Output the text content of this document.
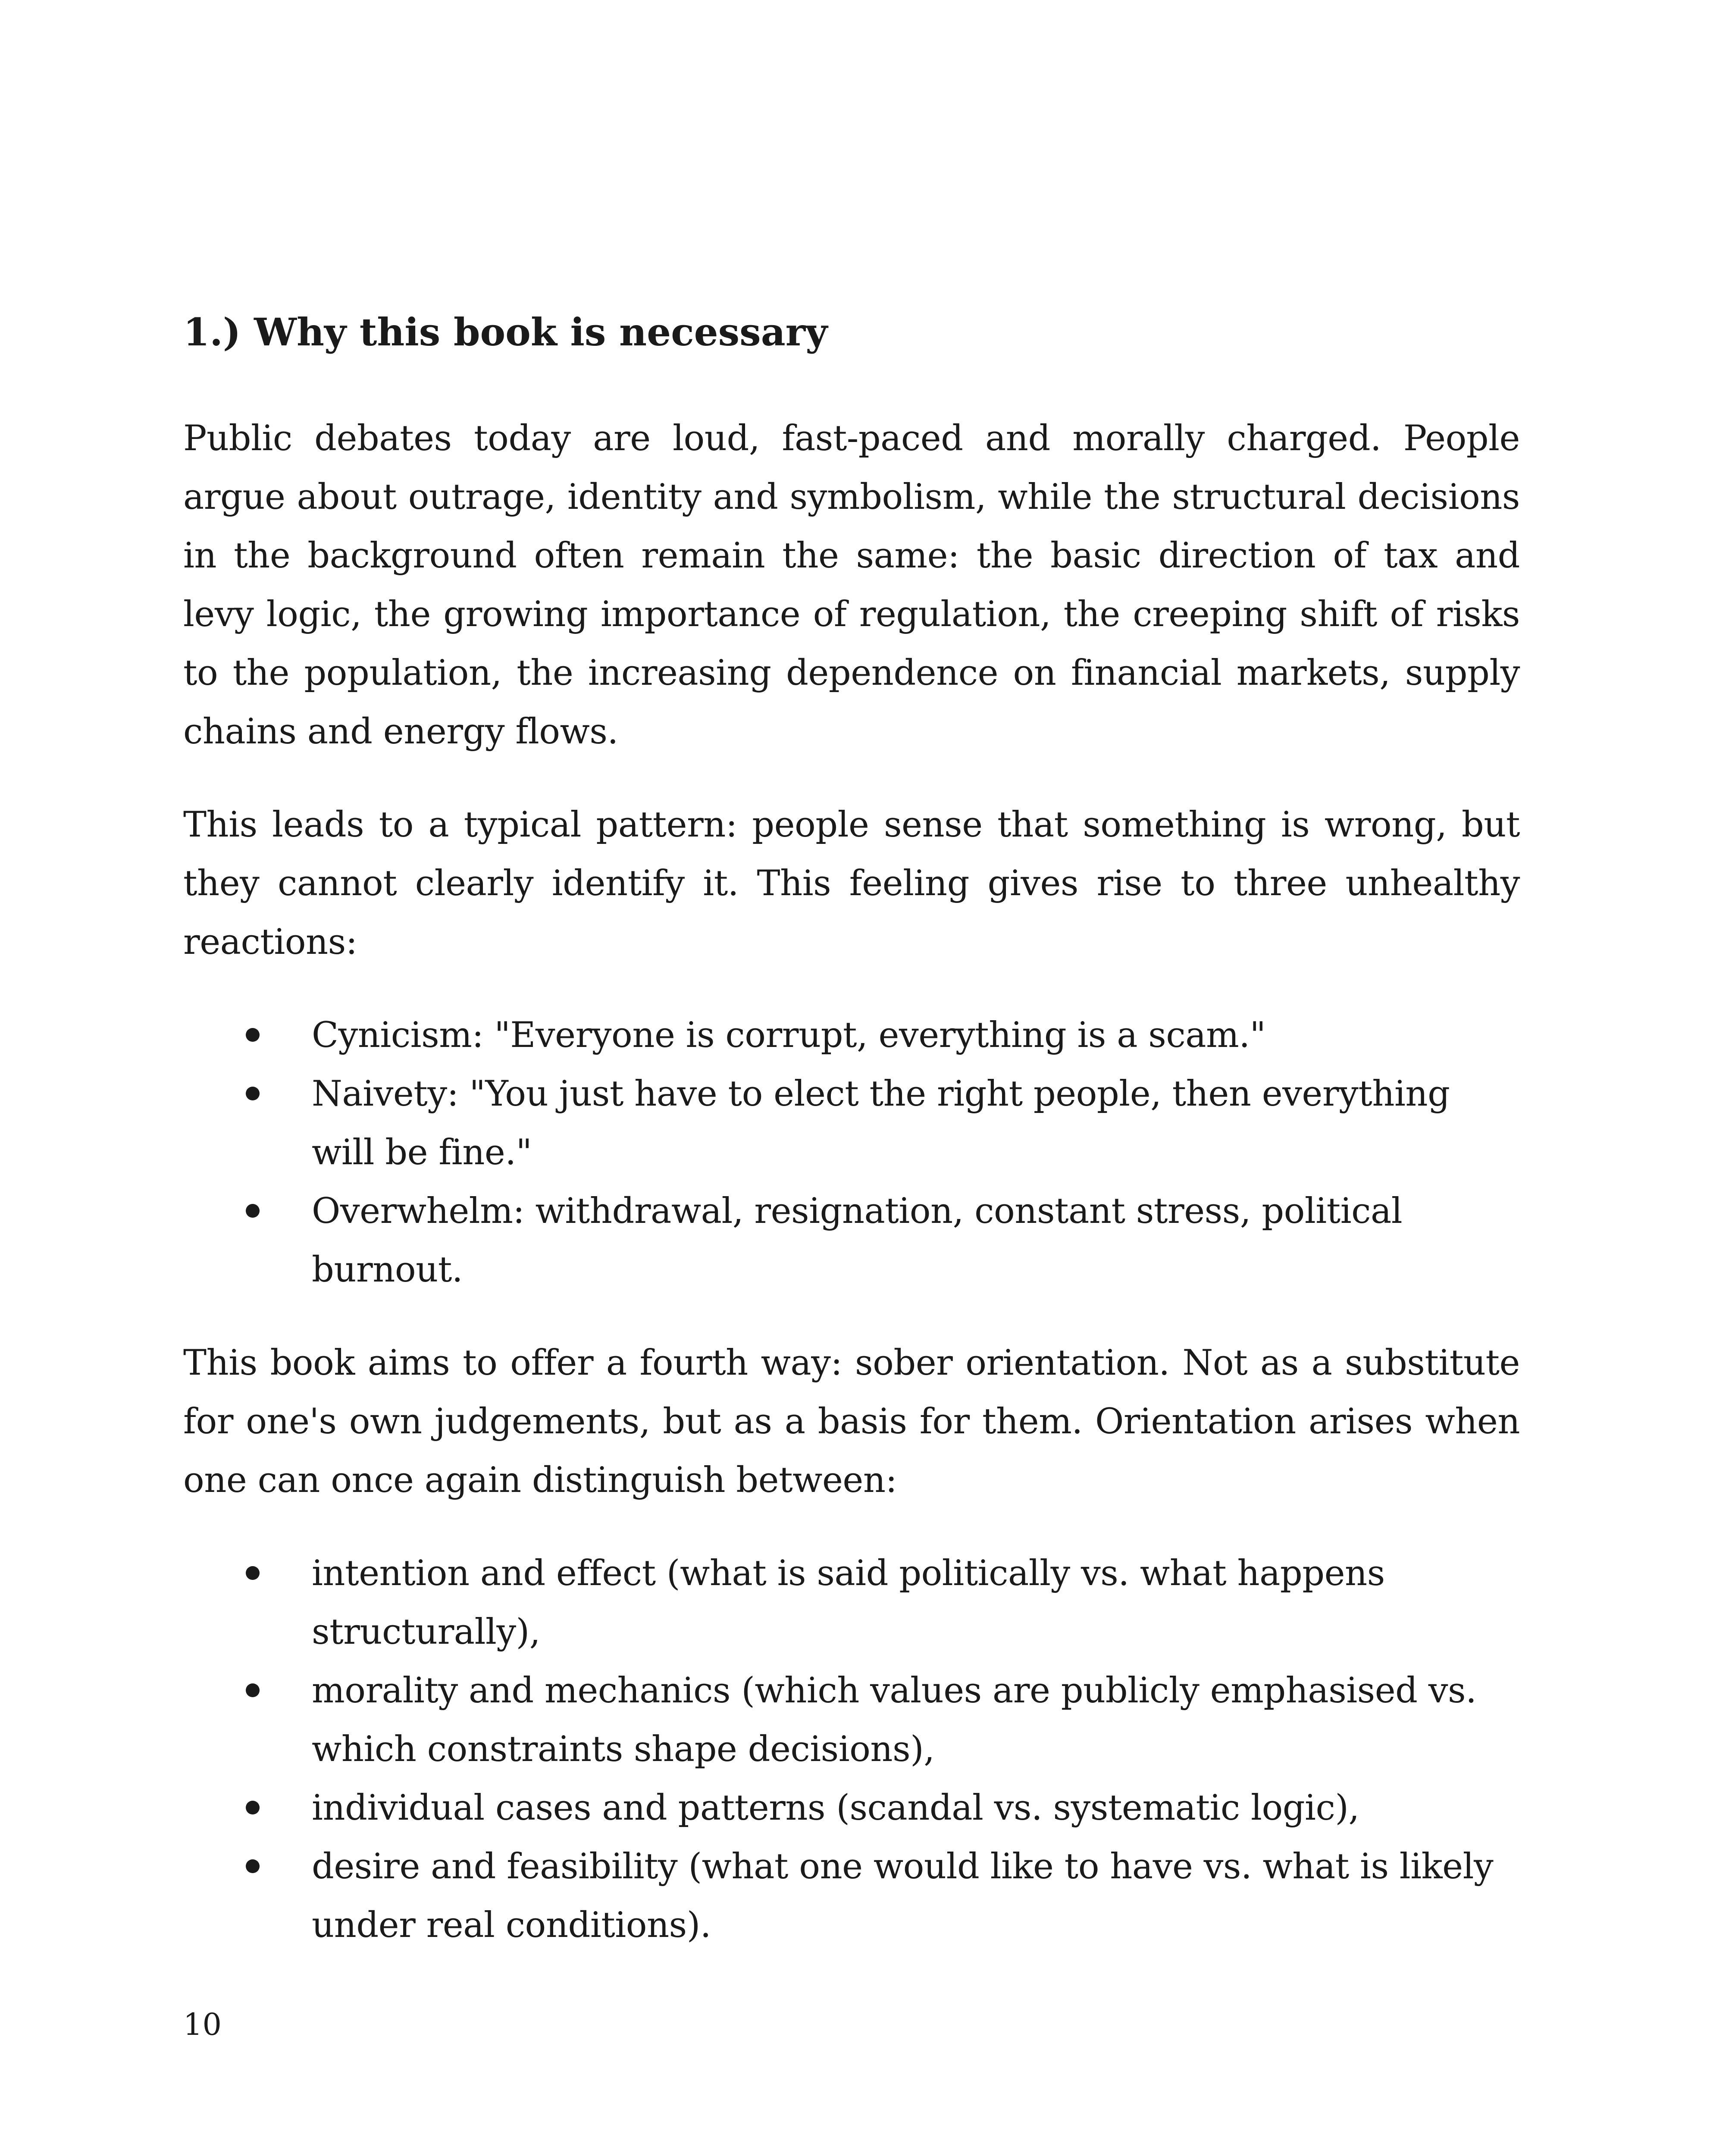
1.) Why this book is necessary

Public debates today are loud, fast-paced and morally charged. People argue about outrage, identity and symbolism, while the structural decisions in the background often remain the same: the basic direction of tax and levy logic, the growing importance of regulation, the creeping shift of risks to the population, the increasing dependence on financial markets, supply chains and energy flows.

This leads to a typical pattern: people sense that something is wrong, but they cannot clearly identify it. This feeling gives rise to three unhealthy reactions:

Cynicism: "Everyone is corrupt, everything is a scam."
Naivety: "You just have to elect the right people, then everything will be fine."
Overwhelm: withdrawal, resignation, constant stress, political burnout.

This book aims to offer a fourth way: sober orientation. Not as a substitute for one's own judgements, but as a basis for them. Orientation arises when one can once again distinguish between:

intention and effect (what is said politically vs. what happens structurally),
morality and mechanics (which values are publicly emphasised vs. which constraints shape decisions),
individual cases and patterns (scandal vs. systematic logic),
desire and feasibility (what one would like to have vs. what is likely under real conditions).
10
